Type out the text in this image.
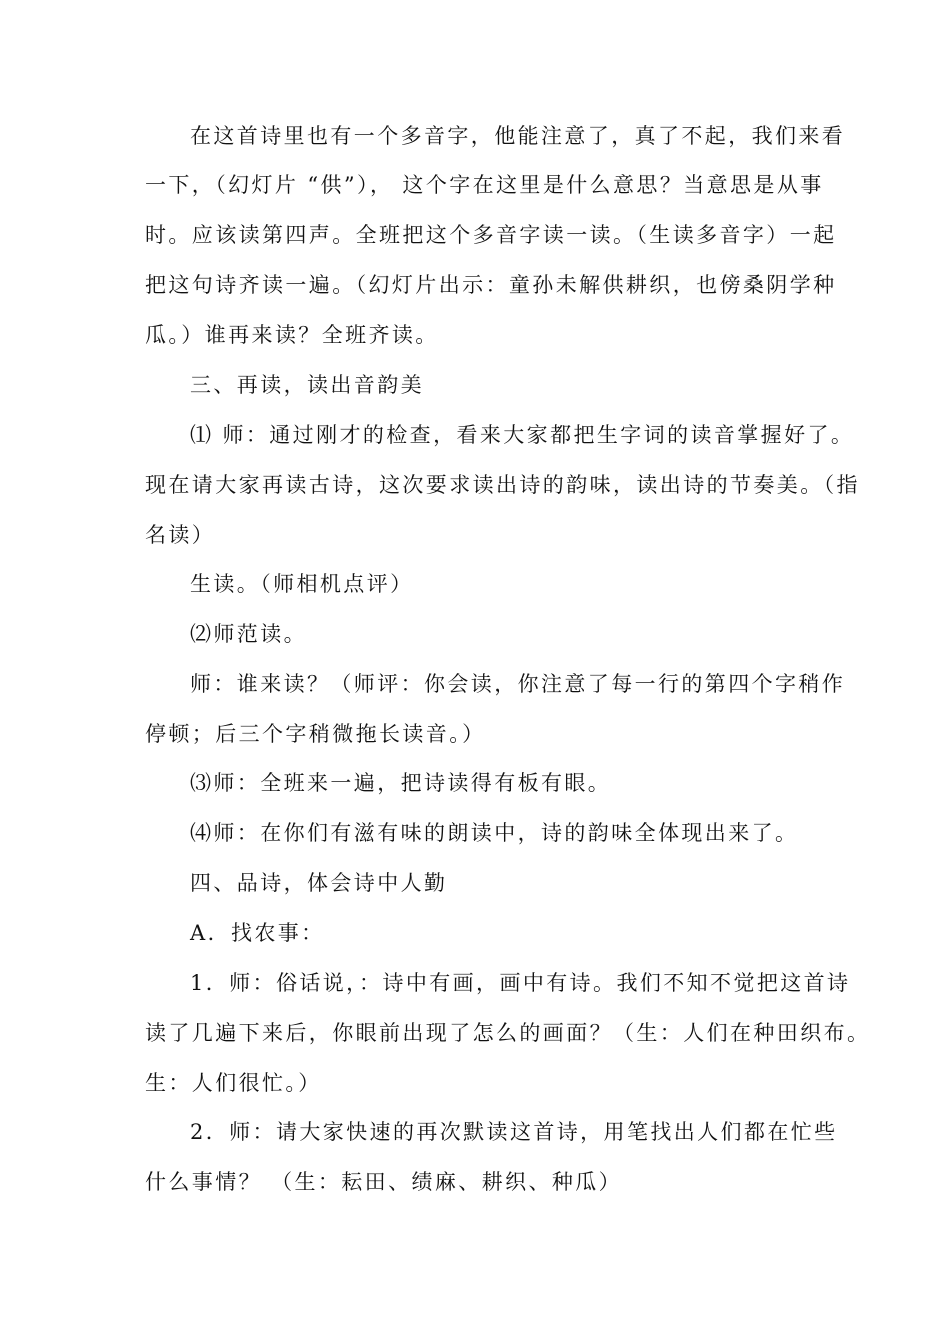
在这首诗里也有一个多音字，他能注意了，真了不起，我们来看
一下，（幻灯片 “供”）， 这个字在这里是什么意思？当意思是从事
时。应该读第四声。全班把这个多音字读一读。（生读多音字）一起
把这句诗齐读一遍。（幻灯片出示：童孙未解供耕织，也傍桑阴学种
瓜。）谁再来读？全班齐读。
三、再读，读出音韵美
⑴ 师：通过刚才的检查，看来大家都把生字词的读音掌握好了。
现在请大家再读古诗，这次要求读出诗的韵味，读出诗的节奏美。（指
名读）
生读。（师相机点评）
⑵师范读。
师：谁来读？（师评：你会读，你注意了每一行的第四个字稍作
停顿；后三个字稍微拖长读音。）
⑶师：全班来一遍，把诗读得有板有眼。
⑷师：在你们有滋有味的朗读中，诗的韵味全体现出来了。
四、品诗，体会诗中人勤
A．找农事：
1．师：俗话说，：诗中有画，画中有诗。我们不知不觉把这首诗
读了几遍下来后，你眼前出现了怎么的画面？（生：人们在种田织布。
生：人们很忙。）
2．师：请大家快速的再次默读这首诗，用笔找出人们都在忙些
什么事情？ （生：耘田、绩麻、耕织、种瓜）
